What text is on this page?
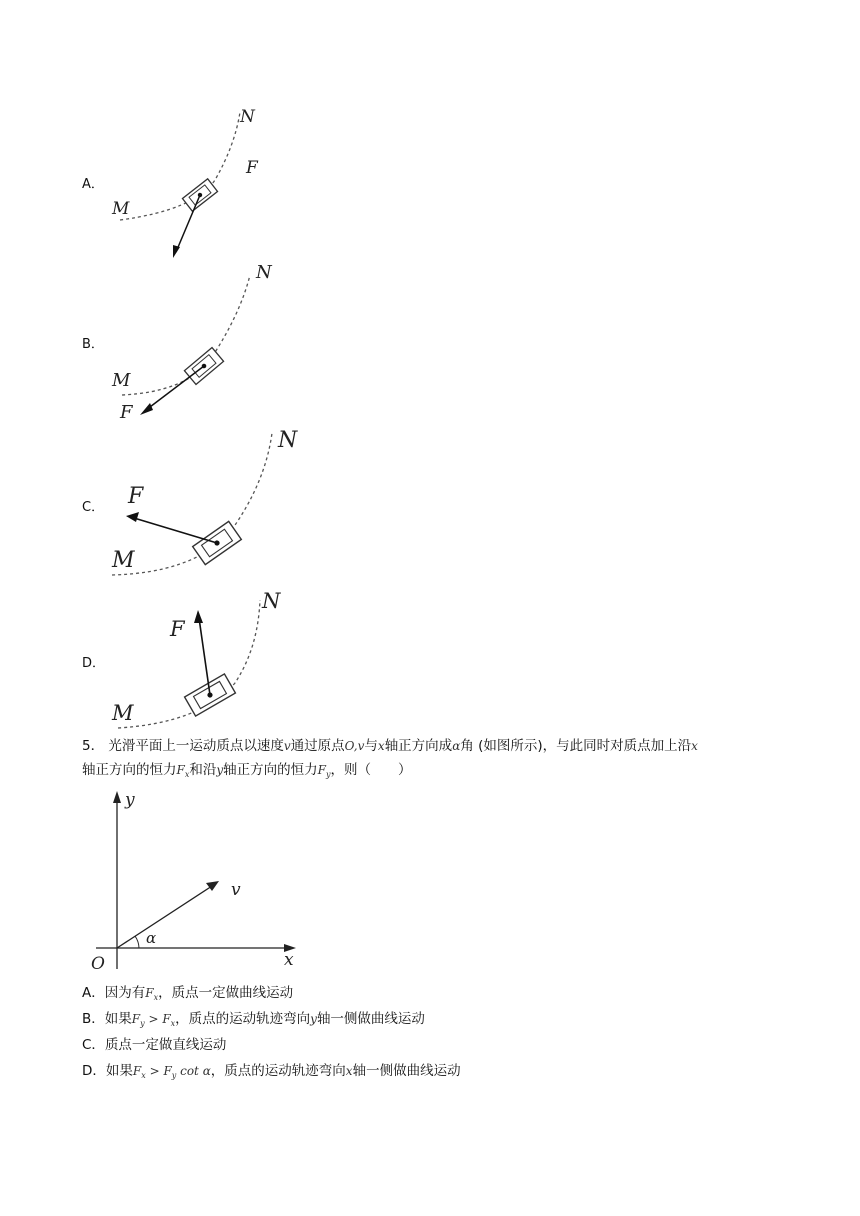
A．
M
N
F
B．
M
N
F
C．
M
N
F
D．
M
N
F
5． 光滑平面上一运动质点以速度v通过原点O,v与x轴正方向成α角 (如图所示)，与此同时对质点加上沿x
轴正方向的恒力$F_x$和沿y轴正方向的恒力$F_y$，则（　　）
y
x
O
v
α
A．因为有$F_x$，质点一定做曲线运动
B．如果$F_y > F_x$，质点的运动轨迹弯向y轴一侧做曲线运动
C．质点一定做直线运动
D．如果$F_x > F_y$ cot α，质点的运动轨迹弯向x轴一侧做曲线运动
